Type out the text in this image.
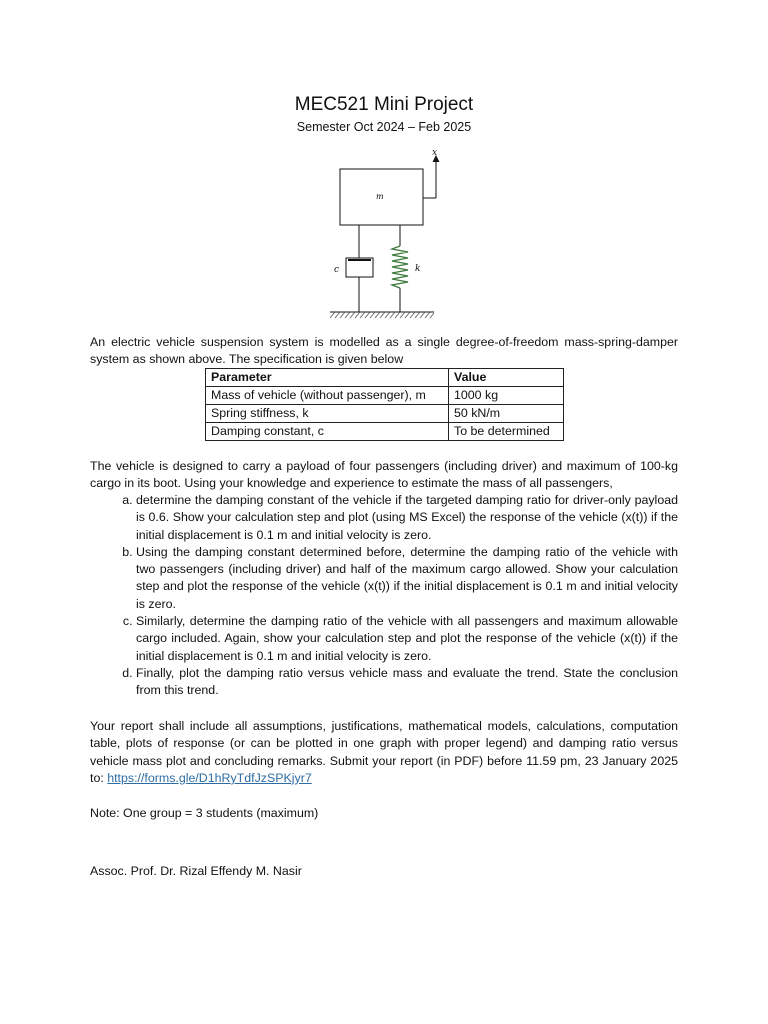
MEC521 Mini Project
Semester Oct 2024 – Feb 2025
x
m
c	k

An electric vehicle suspension system is modelled as a single degree-of-freedom mass-spring-damper system as shown above. The specification is given below

Parameter	Value
Mass of vehicle (without passenger), m	1000 kg
Spring stiffness, k	50 kN/m
Damping constant, c	To be determined

The vehicle is designed to carry a payload of four passengers (including driver) and maximum of 100-kg cargo in its boot. Using your knowledge and experience to estimate the mass of all passengers,

a. determine the damping constant of the vehicle if the targeted damping ratio for driver-only payload is 0.6. Show your calculation step and plot (using MS Excel) the response of the vehicle (x(t)) if the initial displacement is 0.1 m and initial velocity is zero.
b. Using the damping constant determined before, determine the damping ratio of the vehicle with two passengers (including driver) and half of the maximum cargo allowed. Show your calculation step and plot the response of the vehicle (x(t)) if the initial displacement is 0.1 m and initial velocity is zero.
c. Similarly, determine the damping ratio of the vehicle with all passengers and maximum allowable cargo included. Again, show your calculation step and plot the response of the vehicle (x(t)) if the initial displacement is 0.1 m and initial velocity is zero.
d. Finally, plot the damping ratio versus vehicle mass and evaluate the trend. State the conclusion from this trend.

Your report shall include all assumptions, justifications, mathematical models, calculations, computation table, plots of response (or can be plotted in one graph with proper legend) and damping ratio versus vehicle mass plot and concluding remarks. Submit your report (in PDF) before 11.59 pm, 23 January 2025 to: https://forms.gle/D1hRyTdfJzSPKjyr7

Note: One group = 3 students (maximum)

Assoc. Prof. Dr. Rizal Effendy M. Nasir
